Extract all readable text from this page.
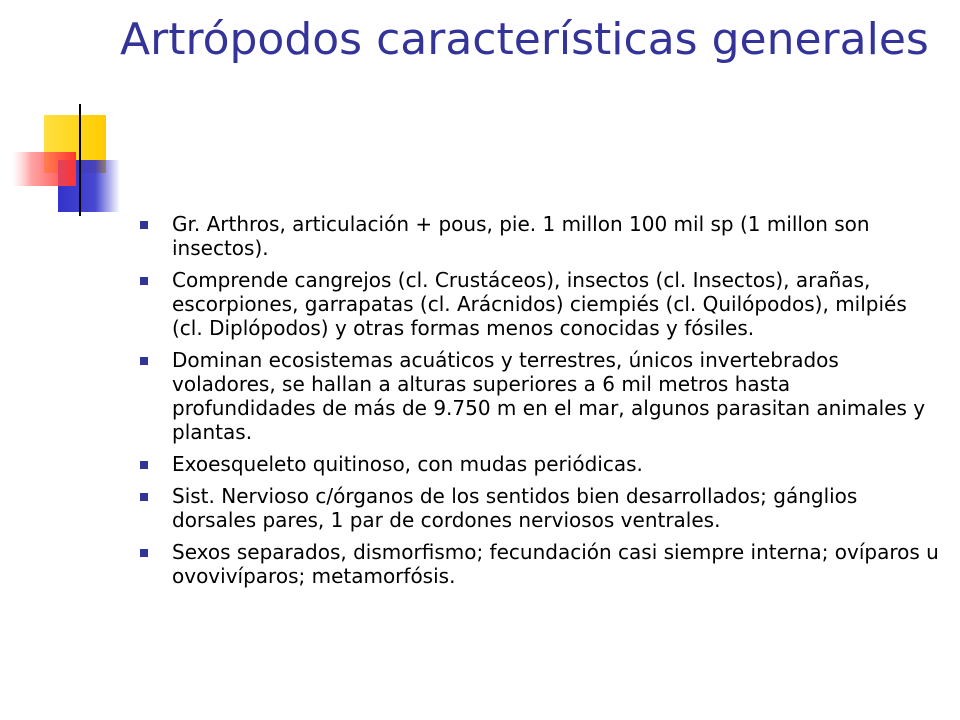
Artrópodos características generales
Gr. Arthros, articulación + pous, pie. 1 millon 100 mil sp (1 millon son insectos).
Comprende cangrejos (cl. Crustáceos), insectos (cl. Insectos), arañas, escorpiones, garrapatas (cl. Arácnidos) ciempiés (cl. Quilópodos), milpiés (cl. Diplópodos) y otras formas menos conocidas y fósiles.
Dominan ecosistemas acuáticos y terrestres, únicos invertebrados voladores, se hallan a alturas superiores a 6 mil metros hasta profundidades de más de 9.750 m en el mar, algunos parasitan animales y plantas.
Exoesqueleto quitinoso, con mudas periódicas.
Sist. Nervioso c/órganos de los sentidos bien desarrollados; gánglios dorsales pares, 1 par de cordones nerviosos ventrales.
Sexos separados, dismorfismo; fecundación casi siempre interna; ovíparos u ovovivíparos; metamorfósis.
